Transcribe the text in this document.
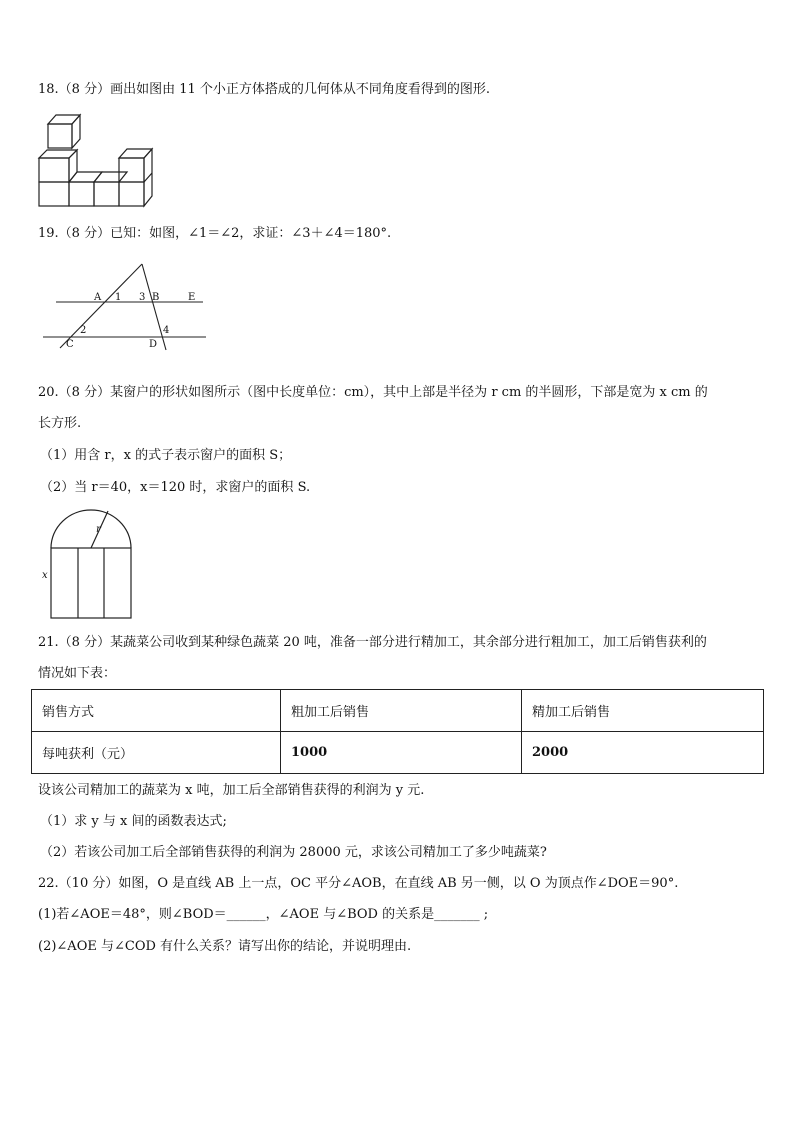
18.（8 分）画出如图由 11 个小正方体搭成的几何体从不同角度看得到的图形.
19.（8 分）已知：如图，∠1＝∠2，求证：∠3＋∠4＝180°.
A 1 3 B	E
2	4
C	D
20.（8 分）某窗户的形状如图所示（图中长度单位：cm），其中上部是半径为 r cm 的半圆形，下部是宽为 x cm 的
长方形.
（1）用含 r，x 的式子表示窗户的面积 S；
（2）当 r＝40，x＝120 时，求窗户的面积 S.
r
x
21.（8 分）某蔬菜公司收到某种绿色蔬菜 20 吨，准备一部分进行精加工，其余部分进行粗加工，加工后销售获利的
情况如下表：
销售方式	粗加工后销售	精加工后销售
每吨获利（元）	1000	2000
设该公司精加工的蔬菜为 x 吨，加工后全部销售获得的利润为 y 元.
（1）求 y 与 x 间的函数表达式;
（2）若该公司加工后全部销售获得的利润为 28000 元，求该公司精加工了多少吨蔬菜?
22.（10 分）如图，O 是直线 AB 上一点，OC 平分∠AOB，在直线 AB 另一侧，以 O 为顶点作∠DOE＝90°.
(1)若∠AOE＝48°，则∠BOD＝______，∠AOE 与∠BOD 的关系是_______ ;
(2)∠AOE 与∠COD 有什么关系？请写出你的结论，并说明理由.
